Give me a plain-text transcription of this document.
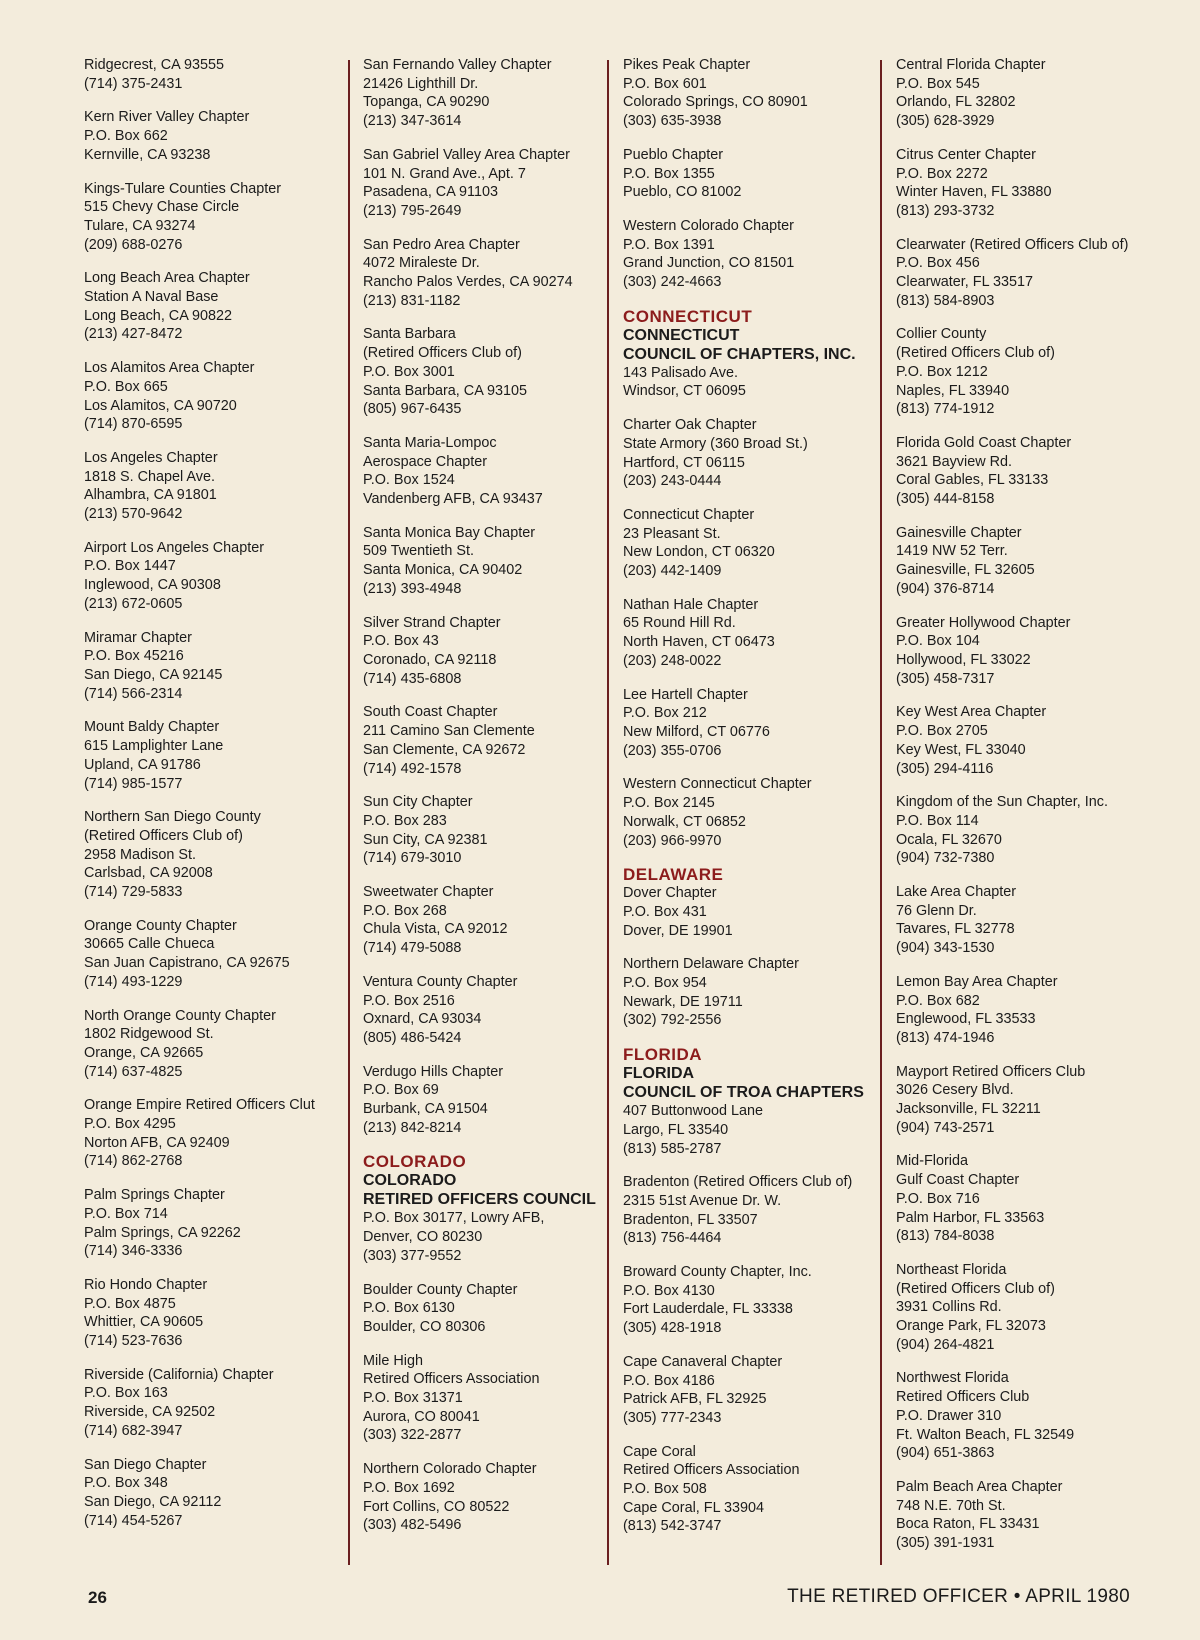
Ridgecrest, CA 93555
(714) 375-2431
Kern River Valley Chapter
P.O. Box 662
Kernville, CA 93238
Kings-Tulare Counties Chapter
515 Chevy Chase Circle
Tulare, CA 93274
(209) 688-0276
Long Beach Area Chapter
Station A Naval Base
Long Beach, CA 90822
(213) 427-8472
Los Alamitos Area Chapter
P.O. Box 665
Los Alamitos, CA 90720
(714) 870-6595
Los Angeles Chapter
1818 S. Chapel Ave.
Alhambra, CA 91801
(213) 570-9642
Airport Los Angeles Chapter
P.O. Box 1447
Inglewood, CA 90308
(213) 672-0605
Miramar Chapter
P.O. Box 45216
San Diego, CA 92145
(714) 566-2314
Mount Baldy Chapter
615 Lamplighter Lane
Upland, CA 91786
(714) 985-1577
Northern San Diego County
(Retired Officers Club of)
2958 Madison St.
Carlsbad, CA 92008
(714) 729-5833
Orange County Chapter
30665 Calle Chueca
San Juan Capistrano, CA 92675
(714) 493-1229
North Orange County Chapter
1802 Ridgewood St.
Orange, CA 92665
(714) 637-4825
Orange Empire Retired Officers Clut
P.O. Box 4295
Norton AFB, CA 92409
(714) 862-2768
Palm Springs Chapter
P.O. Box 714
Palm Springs, CA 92262
(714) 346-3336
Rio Hondo Chapter
P.O. Box 4875
Whittier, CA 90605
(714) 523-7636
Riverside (California) Chapter
P.O. Box 163
Riverside, CA 92502
(714) 682-3947
San Diego Chapter
P.O. Box 348
San Diego, CA 92112
(714) 454-5267
San Fernando Valley Chapter
21426 Lighthill Dr.
Topanga, CA 90290
(213) 347-3614
San Gabriel Valley Area Chapter
101 N. Grand Ave., Apt. 7
Pasadena, CA 91103
(213) 795-2649
San Pedro Area Chapter
4072 Miraleste Dr.
Rancho Palos Verdes, CA 90274
(213) 831-1182
Santa Barbara
(Retired Officers Club of)
P.O. Box 3001
Santa Barbara, CA 93105
(805) 967-6435
Santa Maria-Lompoc
Aerospace Chapter
P.O. Box 1524
Vandenberg AFB, CA 93437
Santa Monica Bay Chapter
509 Twentieth St.
Santa Monica, CA 90402
(213) 393-4948
Silver Strand Chapter
P.O. Box 43
Coronado, CA 92118
(714) 435-6808
South Coast Chapter
211 Camino San Clemente
San Clemente, CA 92672
(714) 492-1578
Sun City Chapter
P.O. Box 283
Sun City, CA 92381
(714) 679-3010
Sweetwater Chapter
P.O. Box 268
Chula Vista, CA 92012
(714) 479-5088
Ventura County Chapter
P.O. Box 2516
Oxnard, CA 93034
(805) 486-5424
Verdugo Hills Chapter
P.O. Box 69
Burbank, CA 91504
(213) 842-8214
COLORADO
COLORADO
RETIRED OFFICERS COUNCIL
P.O. Box 30177, Lowry AFB,
Denver, CO 80230
(303) 377-9552
Boulder County Chapter
P.O. Box 6130
Boulder, CO 80306
Mile High
Retired Officers Association
P.O. Box 31371
Aurora, CO 80041
(303) 322-2877
Northern Colorado Chapter
P.O. Box 1692
Fort Collins, CO 80522
(303) 482-5496
Pikes Peak Chapter
P.O. Box 601
Colorado Springs, CO 80901
(303) 635-3938
Pueblo Chapter
P.O. Box 1355
Pueblo, CO 81002
Western Colorado Chapter
P.O. Box 1391
Grand Junction, CO 81501
(303) 242-4663
CONNECTICUT
CONNECTICUT
COUNCIL OF CHAPTERS, INC.
143 Palisado Ave.
Windsor, CT 06095
Charter Oak Chapter
State Armory (360 Broad St.)
Hartford, CT 06115
(203) 243-0444
Connecticut Chapter
23 Pleasant St.
New London, CT 06320
(203) 442-1409
Nathan Hale Chapter
65 Round Hill Rd.
North Haven, CT 06473
(203) 248-0022
Lee Hartell Chapter
P.O. Box 212
New Milford, CT 06776
(203) 355-0706
Western Connecticut Chapter
P.O. Box 2145
Norwalk, CT 06852
(203) 966-9970
DELAWARE
Dover Chapter
P.O. Box 431
Dover, DE 19901
Northern Delaware Chapter
P.O. Box 954
Newark, DE 19711
(302) 792-2556
FLORIDA
FLORIDA
COUNCIL OF TROA CHAPTERS
407 Buttonwood Lane
Largo, FL 33540
(813) 585-2787
Bradenton (Retired Officers Club of)
2315 51st Avenue Dr. W.
Bradenton, FL 33507
(813) 756-4464
Broward County Chapter, Inc.
P.O. Box 4130
Fort Lauderdale, FL 33338
(305) 428-1918
Cape Canaveral Chapter
P.O. Box 4186
Patrick AFB, FL 32925
(305) 777-2343
Cape Coral
Retired Officers Association
P.O. Box 508
Cape Coral, FL 33904
(813) 542-3747
Central Florida Chapter
P.O. Box 545
Orlando, FL 32802
(305) 628-3929
Citrus Center Chapter
P.O. Box 2272
Winter Haven, FL 33880
(813) 293-3732
Clearwater (Retired Officers Club of)
P.O. Box 456
Clearwater, FL 33517
(813) 584-8903
Collier County
(Retired Officers Club of)
P.O. Box 1212
Naples, FL 33940
(813) 774-1912
Florida Gold Coast Chapter
3621 Bayview Rd.
Coral Gables, FL 33133
(305) 444-8158
Gainesville Chapter
1419 NW 52 Terr.
Gainesville, FL 32605
(904) 376-8714
Greater Hollywood Chapter
P.O. Box 104
Hollywood, FL 33022
(305) 458-7317
Key West Area Chapter
P.O. Box 2705
Key West, FL 33040
(305) 294-4116
Kingdom of the Sun Chapter, Inc.
P.O. Box 114
Ocala, FL 32670
(904) 732-7380
Lake Area Chapter
76 Glenn Dr.
Tavares, FL 32778
(904) 343-1530
Lemon Bay Area Chapter
P.O. Box 682
Englewood, FL 33533
(813) 474-1946
Mayport Retired Officers Club
3026 Cesery Blvd.
Jacksonville, FL 32211
(904) 743-2571
Mid-Florida
Gulf Coast Chapter
P.O. Box 716
Palm Harbor, FL 33563
(813) 784-8038
Northeast Florida
(Retired Officers Club of)
3931 Collins Rd.
Orange Park, FL 32073
(904) 264-4821
Northwest Florida
Retired Officers Club
P.O. Drawer 310
Ft. Walton Beach, FL 32549
(904) 651-3863
Palm Beach Area Chapter
748 N.E. 70th St.
Boca Raton, FL 33431
(305) 391-1931
26	THE RETIRED OFFICER • APRIL 1980
